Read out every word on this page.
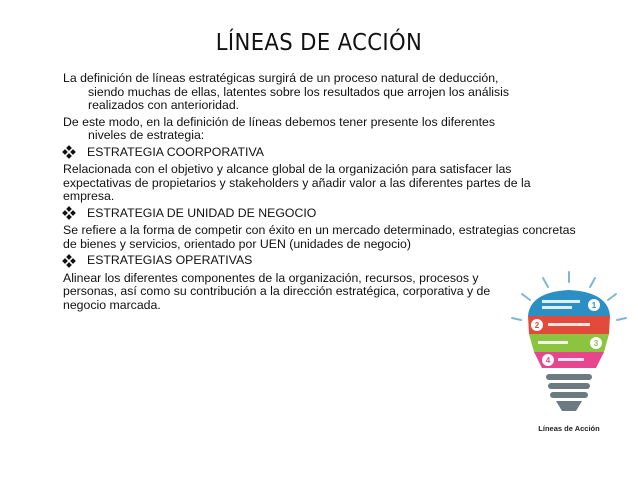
LÍNEAS DE ACCIÓN
La definición de líneas estratégicas surgirá de un proceso natural de deducción,
siendo muchas de ellas, latentes sobre los resultados que arrojen los análisis
realizados con anterioridad.
De este modo, en la definición de líneas debemos tener presente los diferentes
niveles de estrategia:
ESTRATEGIA COORPORATIVA
Relacionada con el objetivo y alcance global de la organización para satisfacer las expectativas de propietarios y stakeholders y añadir valor a las diferentes partes de la empresa.
ESTRATEGIA DE UNIDAD DE NEGOCIO
Se refiere a la forma de competir con éxito en un mercado determinado, estrategias concretas de bienes y servicios, orientado por UEN (unidades de negocio)
ESTRATEGIAS OPERATIVAS
Alinear los diferentes componentes de la organización, recursos, procesos y personas, así como su contribución a la dirección estratégica, corporativa y de negocio marcada.	1
2
3
4
Líneas de Acción
